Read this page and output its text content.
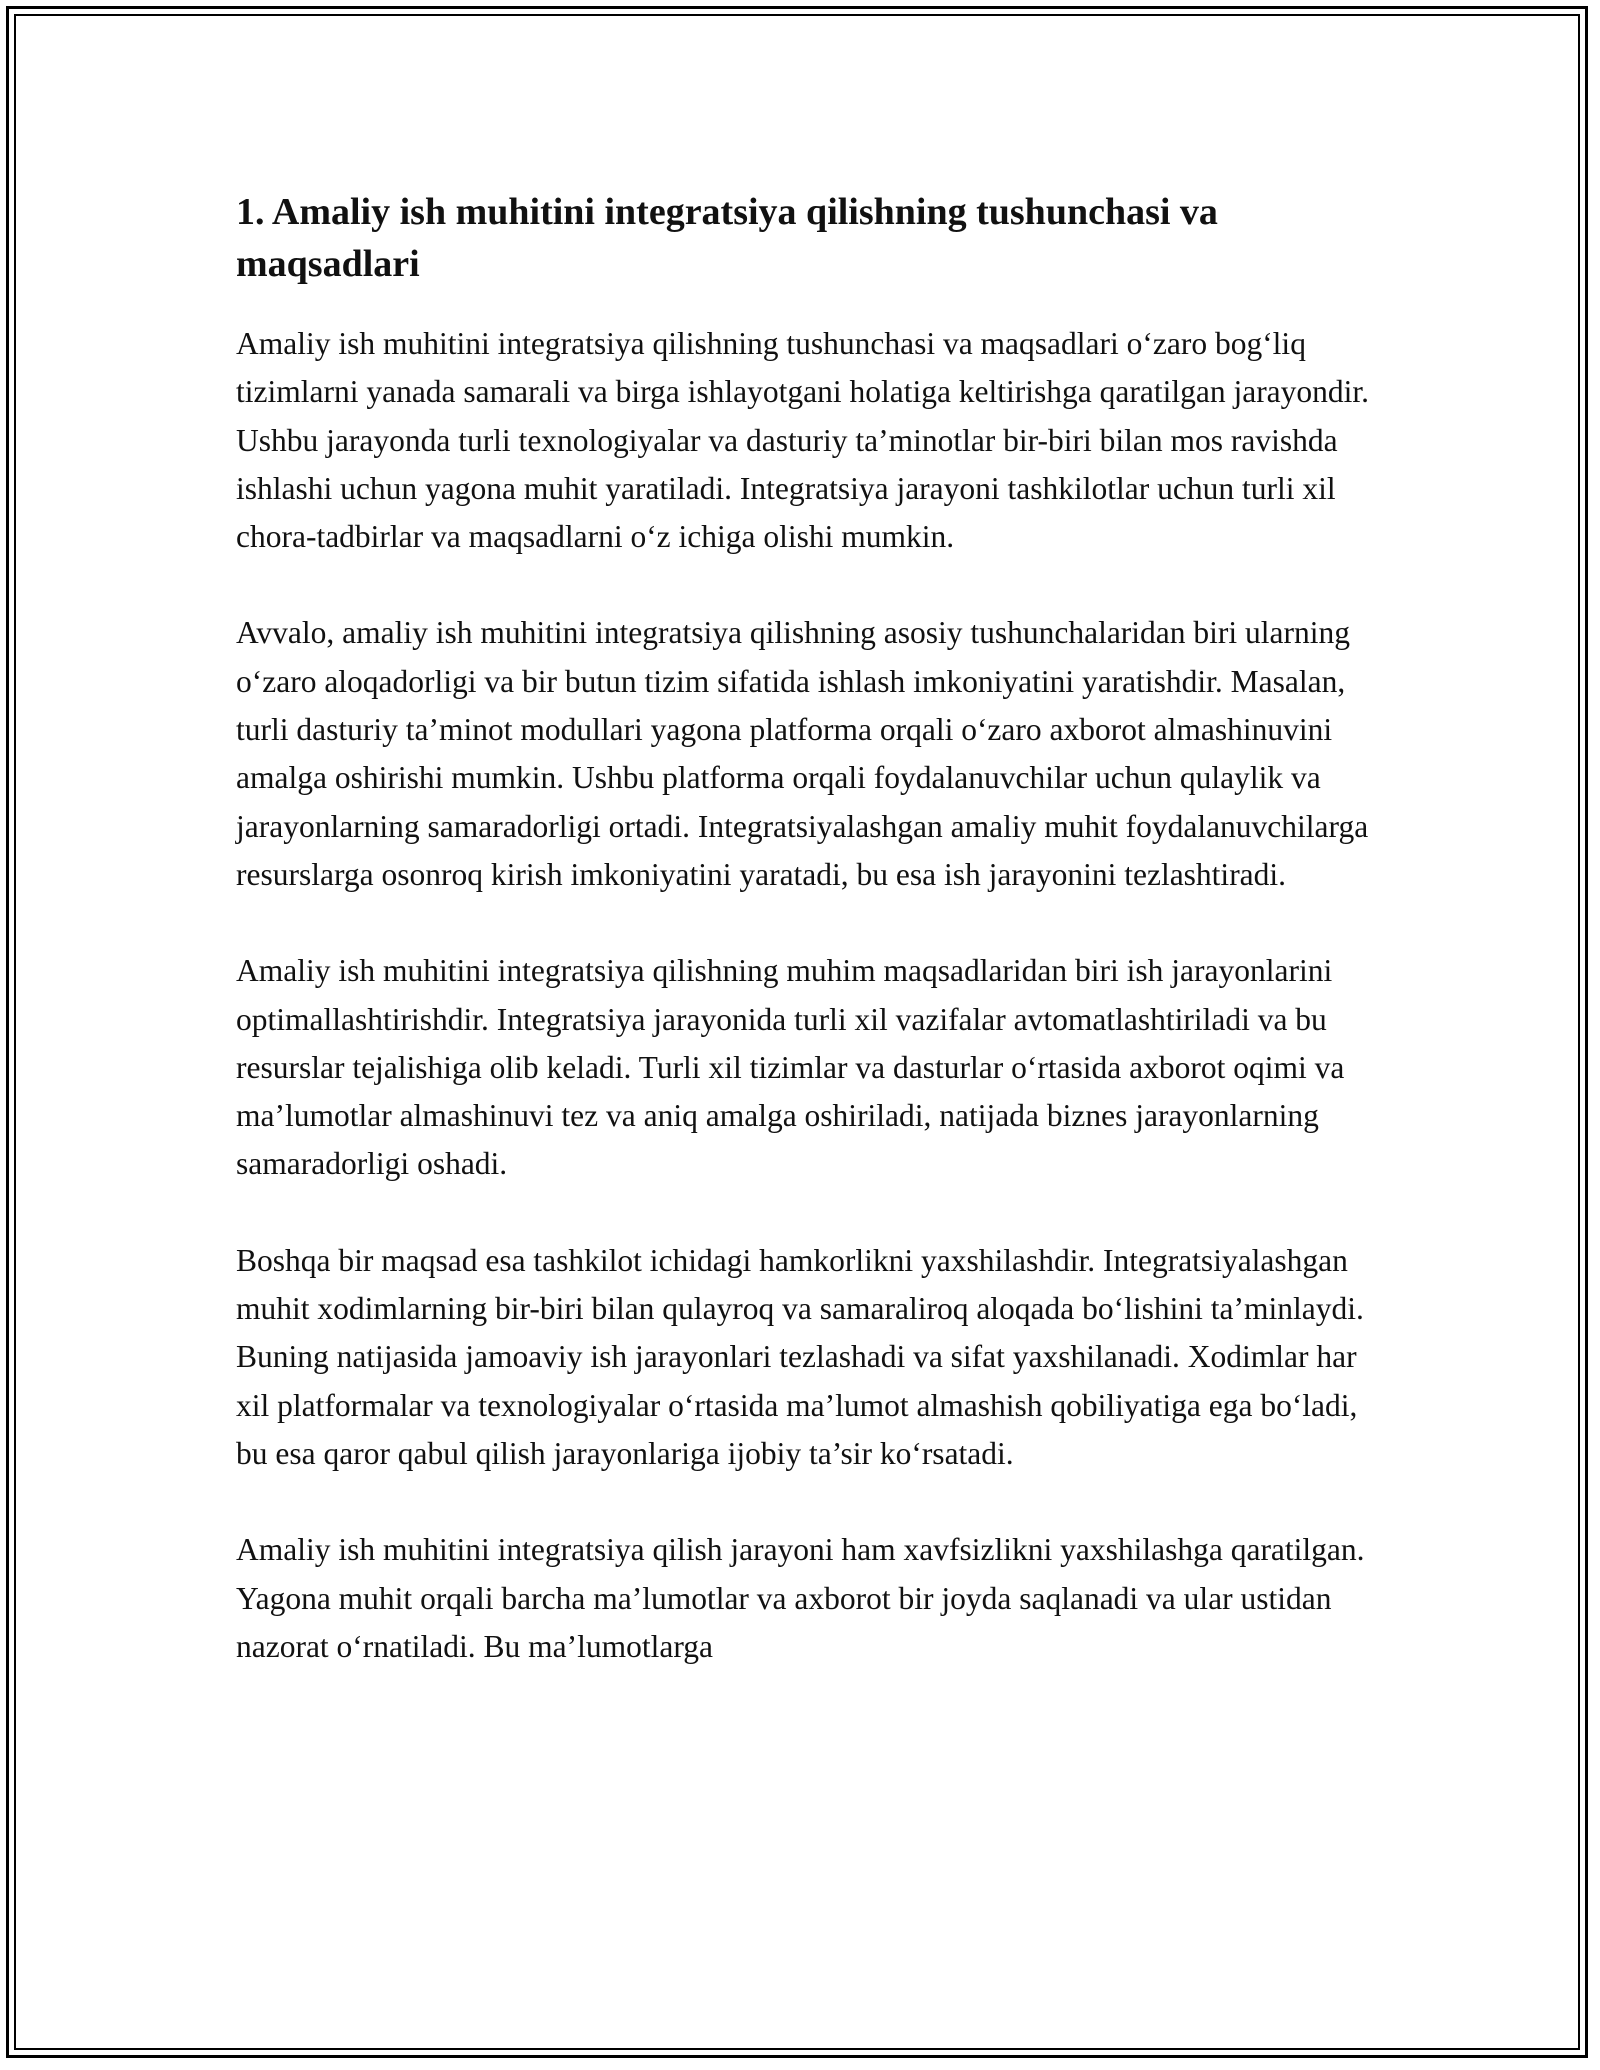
1. Amaliy ish muhitini integratsiya qilishning tushunchasi va maqsadlari

Amaliy ish muhitini integratsiya qilishning tushunchasi va maqsadlari o‘zaro bog‘liq tizimlarni yanada samarali va birga ishlayotgani holatiga keltirishga qaratilgan jarayondir. Ushbu jarayonda turli texnologiyalar va dasturiy ta’minotlar bir-biri bilan mos ravishda ishlashi uchun yagona muhit yaratiladi. Integratsiya jarayoni tashkilotlar uchun turli xil chora-tadbirlar va maqsadlarni o‘z ichiga olishi mumkin.

Avvalo, amaliy ish muhitini integratsiya qilishning asosiy tushunchalaridan biri ularning o‘zaro aloqadorligi va bir butun tizim sifatida ishlash imkoniyatini yaratishdir. Masalan, turli dasturiy ta’minot modullari yagona platforma orqali o‘zaro axborot almashinuvini amalga oshirishi mumkin. Ushbu platforma orqali foydalanuvchilar uchun qulaylik va jarayonlarning samaradorligi ortadi. Integratsiyalashgan amaliy muhit foydalanuvchilarga resurslarga osonroq kirish imkoniyatini yaratadi, bu esa ish jarayonini tezlashtiradi.

Amaliy ish muhitini integratsiya qilishning muhim maqsadlaridan biri ish jarayonlarini optimallashtirishdir. Integratsiya jarayonida turli xil vazifalar avtomatlashtiriladi va bu resurslar tejalishiga olib keladi. Turli xil tizimlar va dasturlar o‘rtasida axborot oqimi va ma’lumotlar almashinuvi tez va aniq amalga oshiriladi, natijada biznes jarayonlarning samaradorligi oshadi.

Boshqa bir maqsad esa tashkilot ichidagi hamkorlikni yaxshilashdir. Integratsiyalashgan muhit xodimlarning bir-biri bilan qulayroq va samaraliroq aloqada bo‘lishini ta’minlaydi. Buning natijasida jamoaviy ish jarayonlari tezlashadi va sifat yaxshilanadi. Xodimlar har xil platformalar va texnologiyalar o‘rtasida ma’lumot almashish qobiliyatiga ega bo‘ladi, bu esa qaror qabul qilish jarayonlariga ijobiy ta’sir ko‘rsatadi.

Amaliy ish muhitini integratsiya qilish jarayoni ham xavfsizlikni yaxshilashga qaratilgan. Yagona muhit orqali barcha ma’lumotlar va axborot bir joyda saqlanadi va ular ustidan nazorat o‘rnatiladi. Bu ma’lumotlarga
